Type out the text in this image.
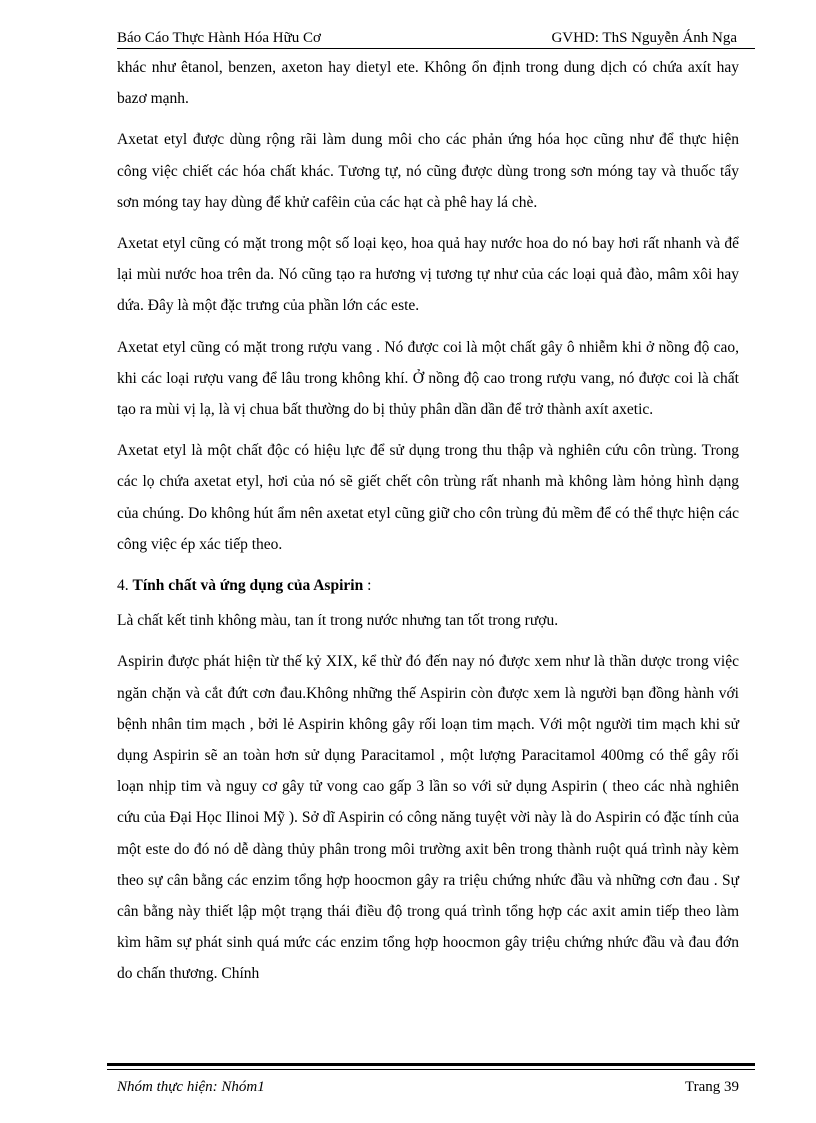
Báo Cáo Thực Hành Hóa Hữu Cơ	GVHD: ThS Nguyễn Ánh Nga

khác như êtanol, benzen, axeton hay dietyl ete. Không ổn định trong dung dịch có chứa axít hay bazơ mạnh.

Axetat etyl được dùng rộng rãi làm dung môi cho các phản ứng hóa học cũng như để thực hiện công việc chiết các hóa chất khác. Tương tự, nó cũng được dùng trong sơn móng tay và thuốc tẩy sơn móng tay hay dùng để khử cafêin của các hạt cà phê hay lá chè.

Axetat etyl cũng có mặt trong một số loại kẹo, hoa quả hay nước hoa do nó bay hơi rất nhanh và để lại mùi nước hoa trên da. Nó cũng tạo ra hương vị tương tự như của các loại quả đào, mâm xôi hay dứa. Đây là một đặc trưng của phần lớn các este.

Axetat etyl cũng có mặt trong rượu vang . Nó được coi là một chất gây ô nhiễm khi ở nồng độ cao, khi các loại rượu vang để lâu trong không khí. Ở nồng độ cao trong rượu vang, nó được coi là chất tạo ra mùi vị lạ, là vị chua bất thường do bị thủy phân dần dần để trở thành axít axetic.

Axetat etyl là một chất độc có hiệu lực để sử dụng trong thu thập và nghiên cứu côn trùng. Trong các lọ chứa axetat etyl, hơi của nó sẽ giết chết côn trùng rất nhanh mà không làm hỏng hình dạng của chúng. Do không hút ẩm nên axetat etyl cũng giữ cho côn trùng đủ mềm để có thể thực hiện các công việc ép xác tiếp theo.

4. Tính chất và ứng dụng của Aspirin :

Là chất kết tinh không màu, tan ít trong nước nhưng tan tốt trong rượu.

Aspirin được phát hiện từ thế kỷ XIX, kể thừ đó đến nay nó được xem như là thần dược trong việc ngăn chặn và cắt đứt cơn đau.Không những thế Aspirin còn được xem là người bạn đồng hành với bệnh nhân tim mạch , bởi lẻ Aspirin không gây rối loạn tim mạch. Với một người tim mạch khi sử dụng Aspirin sẽ an toàn hơn sử dụng Paracitamol , một lượng Paracitamol 400mg có thể gây rối loạn nhịp tim và nguy cơ gây tử vong cao gấp 3 lần so với sử dụng Aspirin ( theo các nhà nghiên cứu của Đại Học Ilinoi Mỹ ). Sở dĩ Aspirin có công năng tuyệt vời này là do Aspirin có đặc tính của một este do đó nó dễ dàng thủy phân trong môi trường axit bên trong thành ruột quá trình này kèm theo sự cân bằng các enzim tổng hợp hoocmon gây ra triệu chứng nhức đầu và những cơn đau . Sự cân bằng này thiết lập một trạng thái điều độ trong quá trình tổng hợp các axit amin tiếp theo làm kìm hãm sự phát sinh quá mức các enzim tổng hợp hoocmon gây triệu chứng nhức đầu và đau đớn do chấn thương. Chính

Nhóm thực hiện: Nhóm1	Trang 39
